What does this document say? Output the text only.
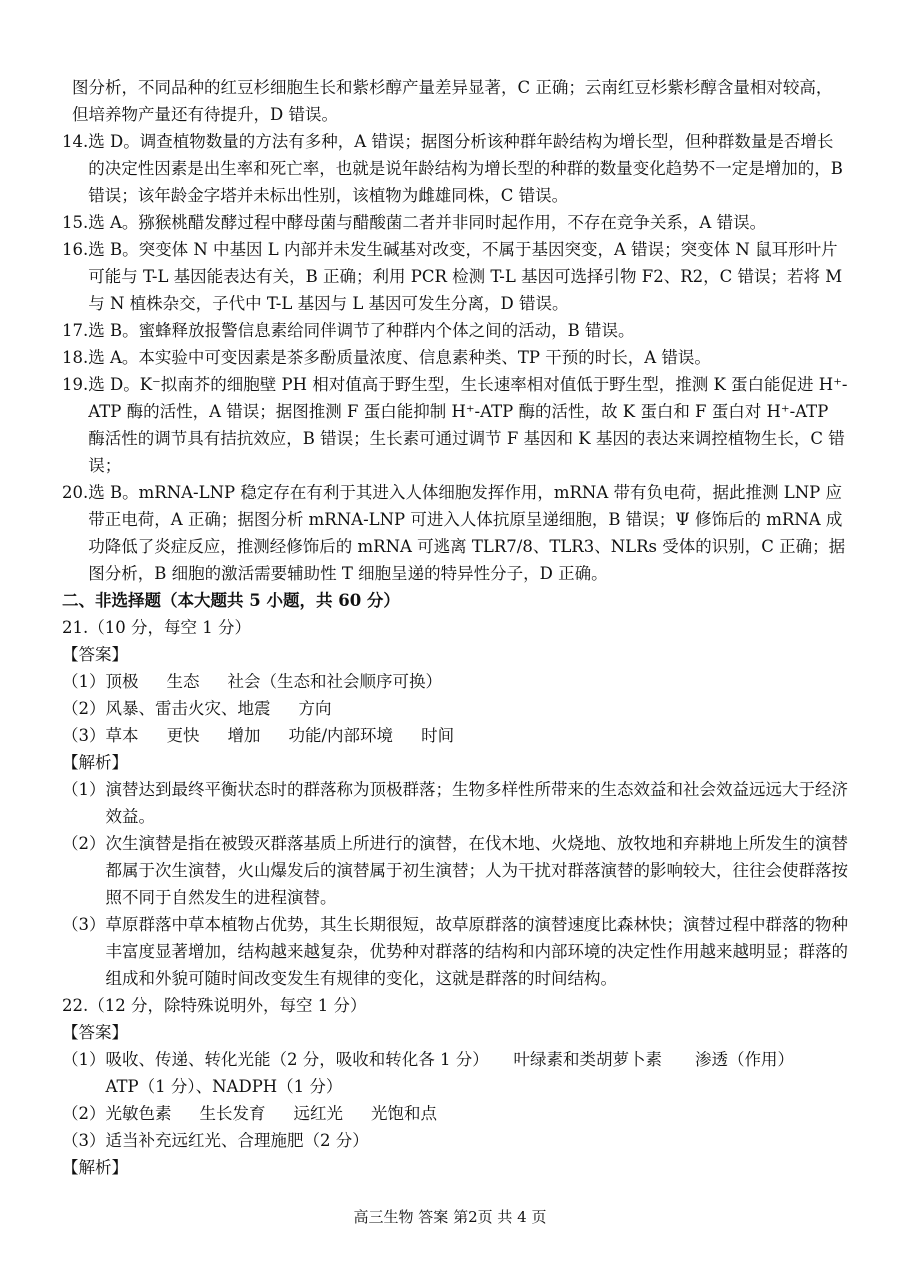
图分析，不同品种的红豆杉细胞生长和紫杉醇产量差异显著，C 正确；云南红豆杉紫杉醇含量相对较高，但培养物产量还有待提升，D 错误。

14. 选 D。调查植物数量的方法有多种，A 错误；据图分析该种群年龄结构为增长型，但种群数量是否增长的决定性因素是出生率和死亡率，也就是说年龄结构为增长型的种群的数量变化趋势不一定是增加的，B 错误；该年龄金字塔并未标出性别，该植物为雌雄同株，C 错误。
15. 选 A。猕猴桃醋发酵过程中酵母菌与醋酸菌二者并非同时起作用，不存在竞争关系，A 错误。
16. 选 B。突变体 N 中基因 L 内部并未发生碱基对改变，不属于基因突变，A 错误；突变体 N 鼠耳形叶片可能与 T-L 基因能表达有关，B 正确；利用 PCR 检测 T-L 基因可选择引物 F2、R2，C 错误；若将 M 与 N 植株杂交，子代中 T-L 基因与 L 基因可发生分离，D 错误。
17. 选 B。蜜蜂释放报警信息素给同伴调节了种群内个体之间的活动，B 错误。
18. 选 A。本实验中可变因素是茶多酚质量浓度、信息素种类、TP 干预的时长，A 错误。
19. 选 D。K⁻拟南芥的细胞壁 PH 相对值高于野生型，生长速率相对值低于野生型，推测 K 蛋白能促进 H⁺-ATP 酶的活性，A 错误；据图推测 F 蛋白能抑制 H⁺-ATP 酶的活性，故 K 蛋白和 F 蛋白对 H⁺-ATP 酶活性的调节具有拮抗效应，B 错误；生长素可通过调节 F 基因和 K 基因的表达来调控植物生长，C 错误；
20. 选 B。mRNA-LNP 稳定存在有利于其进入人体细胞发挥作用，mRNA 带有负电荷，据此推测 LNP 应带正电荷，A 正确；据图分析 mRNA-LNP 可进入人体抗原呈递细胞，B 错误；Ψ 修饰后的 mRNA 成功降低了炎症反应，推测经修饰后的 mRNA 可逃离 TLR7/8、TLR3、NLRs 受体的识别，C 正确；据图分析，B 细胞的激活需要辅助性 T 细胞呈递的特异性分子，D 正确。

二、非选择题（本大题共 5 小题，共 60 分）

21.（10 分，每空 1 分）

【答案】

（1）顶极 生态 社会（生态和社会顺序可换）

（2）风暴、雷击火灾、地震 方向

（3）草本 更快 增加 功能/内部环境 时间

【解析】

（1） 演替达到最终平衡状态时的群落称为顶极群落；生物多样性所带来的生态效益和社会效益远远大于经济效益。
（2） 次生演替是指在被毁灭群落基质上所进行的演替，在伐木地、火烧地、放牧地和弃耕地上所发生的演替都属于次生演替，火山爆发后的演替属于初生演替；人为干扰对群落演替的影响较大，往往会使群落按照不同于自然发生的进程演替。
（3） 草原群落中草本植物占优势，其生长期很短，故草原群落的演替速度比森林快；演替过程中群落的物种丰富度显著增加，结构越来越复杂，优势种对群落的结构和内部环境的决定性作用越来越明显；群落的组成和外貌可随时间改变发生有规律的变化，这就是群落的时间结构。

22.（12 分，除特殊说明外，每空 1 分）

【答案】

（1） 吸收、传递、转化光能（2 分，吸收和转化各 1 分）　　叶绿素和类胡萝卜素　　渗透（作用）　　ATP（1 分）、NADPH（1 分）

（2）光敏色素 生长发育 远红光 光饱和点

（3）适当补充远红光、合理施肥（2 分）

【解析】

高三生物 答案 第2页 共 4 页
